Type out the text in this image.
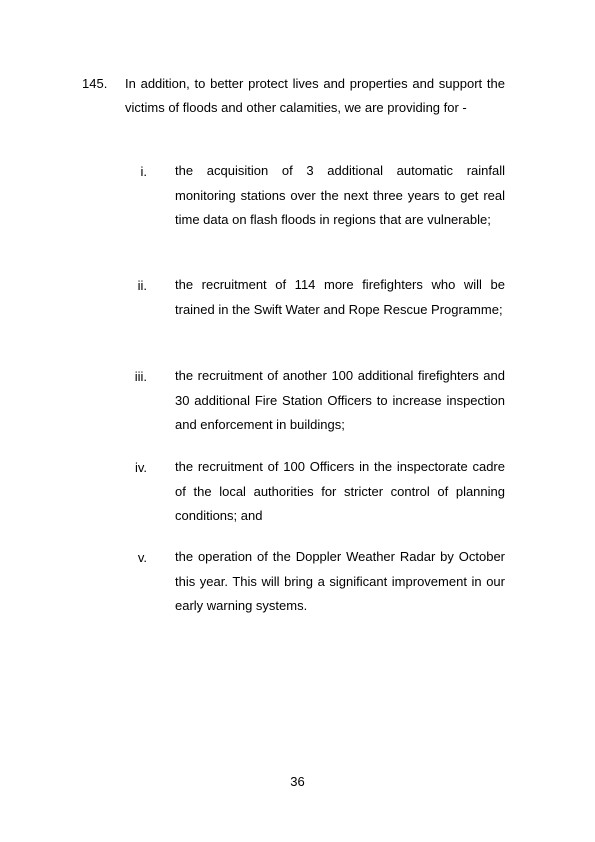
145. In addition, to better protect lives and properties and support the victims of floods and other calamities, we are providing for -
i. the acquisition of 3 additional automatic rainfall monitoring stations over the next three years to get real time data on flash floods in regions that are vulnerable;
ii. the recruitment of 114 more firefighters who will be trained in the Swift Water and Rope Rescue Programme;
iii. the recruitment of another 100 additional firefighters and 30 additional Fire Station Officers to increase inspection and enforcement in buildings;
iv. the recruitment of 100 Officers in the inspectorate cadre of the local authorities for stricter control of planning conditions; and
v. the operation of the Doppler Weather Radar by October this year. This will bring a significant improvement in our early warning systems.
36
